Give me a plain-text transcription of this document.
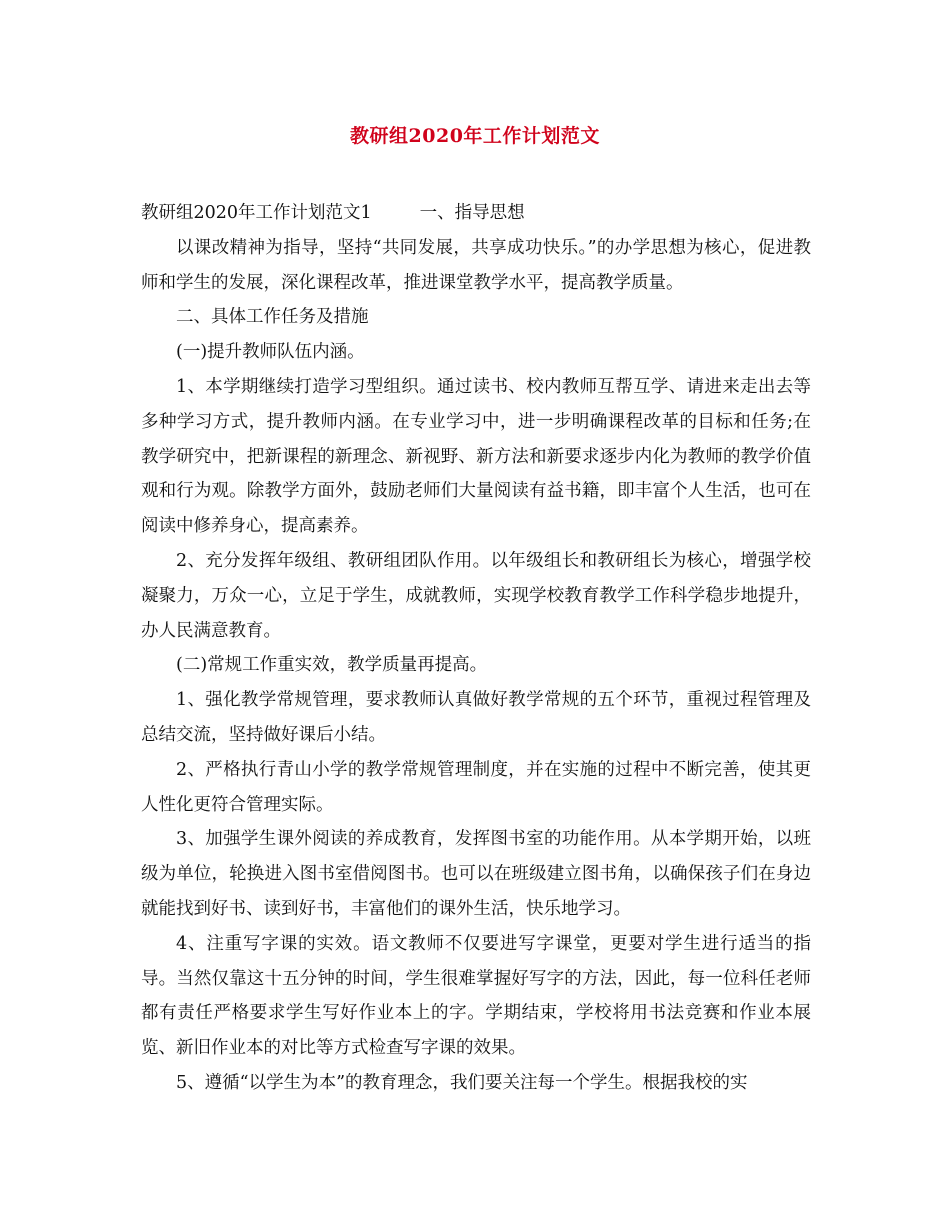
教研组2020年工作计划范文

教研组2020年工作计划范文1	一、指导思想

以课改精神为指导，坚持“共同发展，共享成功快乐。”的办学思想为核心，促进教师和学生的发展，深化课程改革，推进课堂教学水平，提高教学质量。

二、具体工作任务及措施

(一)提升教师队伍内涵。

1、本学期继续打造学习型组织。通过读书、校内教师互帮互学、请进来走出去等多种学习方式，提升教师内涵。在专业学习中，进一步明确课程改革的目标和任务;在教学研究中，把新课程的新理念、新视野、新方法和新要求逐步内化为教师的教学价值观和行为观。除教学方面外，鼓励老师们大量阅读有益书籍，即丰富个人生活，也可在阅读中修养身心，提高素养。

2、充分发挥年级组、教研组团队作用。以年级组长和教研组长为核心，增强学校凝聚力，万众一心，立足于学生，成就教师，实现学校教育教学工作科学稳步地提升，办人民满意教育。

(二)常规工作重实效，教学质量再提高。

1、强化教学常规管理，要求教师认真做好教学常规的五个环节，重视过程管理及总结交流，坚持做好课后小结。

2、严格执行青山小学的教学常规管理制度，并在实施的过程中不断完善，使其更人性化更符合管理实际。

3、加强学生课外阅读的养成教育，发挥图书室的功能作用。从本学期开始，以班级为单位，轮换进入图书室借阅图书。也可以在班级建立图书角，以确保孩子们在身边就能找到好书、读到好书，丰富他们的课外生活，快乐地学习。

4、注重写字课的实效。语文教师不仅要进写字课堂，更要对学生进行适当的指导。当然仅靠这十五分钟的时间，学生很难掌握好写字的方法，因此，每一位科任老师都有责任严格要求学生写好作业本上的字。学期结束，学校将用书法竞赛和作业本展览、新旧作业本的对比等方式检查写字课的效果。

5、遵循“以学生为本”的教育理念，我们要关注每一个学生。根据我校的实
